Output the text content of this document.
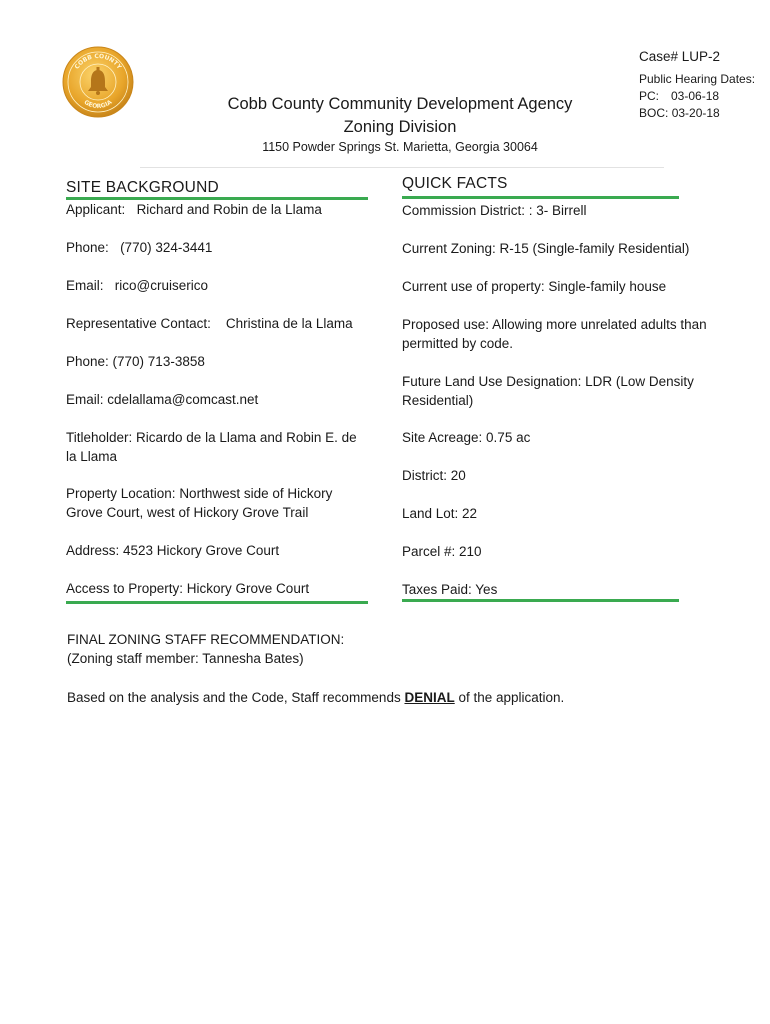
COBB COUNTY
GEORGIA	Cobb County Community Development Agency
Zoning Division
1150 Powder Springs St. Marietta, Georgia 30064
Case# LUP-2
Public Hearing Dates:
PC: 03-06-18
BOC:
03-20-18
SITE BACKGROUND	QUICK FACTS
Applicant: Richard and Robin de la Llama
Phone: (770) 324-3441
Email: rico@cruiserico
Representative Contact: Christina de la Llama
Phone: (770) 713-3858
Email: cdelallama@comcast.net
Titleholder: Ricardo de la Llama and Robin E. de la Llama
Property Location: Northwest side of Hickory Grove Court, west of Hickory Grove Trail
Address: 4523 Hickory Grove Court
Access to Property: Hickory Grove Court
Commission District: : 3- Birrell
Current Zoning: R-15 (Single-family Residential)
Current use of property: Single-family house
Proposed use: Allowing more unrelated adults than permitted by code.
Future Land Use Designation: LDR (Low Density Residential)
Site Acreage: 0.75 ac
District: 20
Land Lot: 22
Parcel #: 210
Taxes Paid: Yes
FINAL ZONING STAFF RECOMMENDATION:
(Zoning staff member: Tannesha Bates)
Based on the analysis and the Code, Staff recommends DENIAL of the application.
